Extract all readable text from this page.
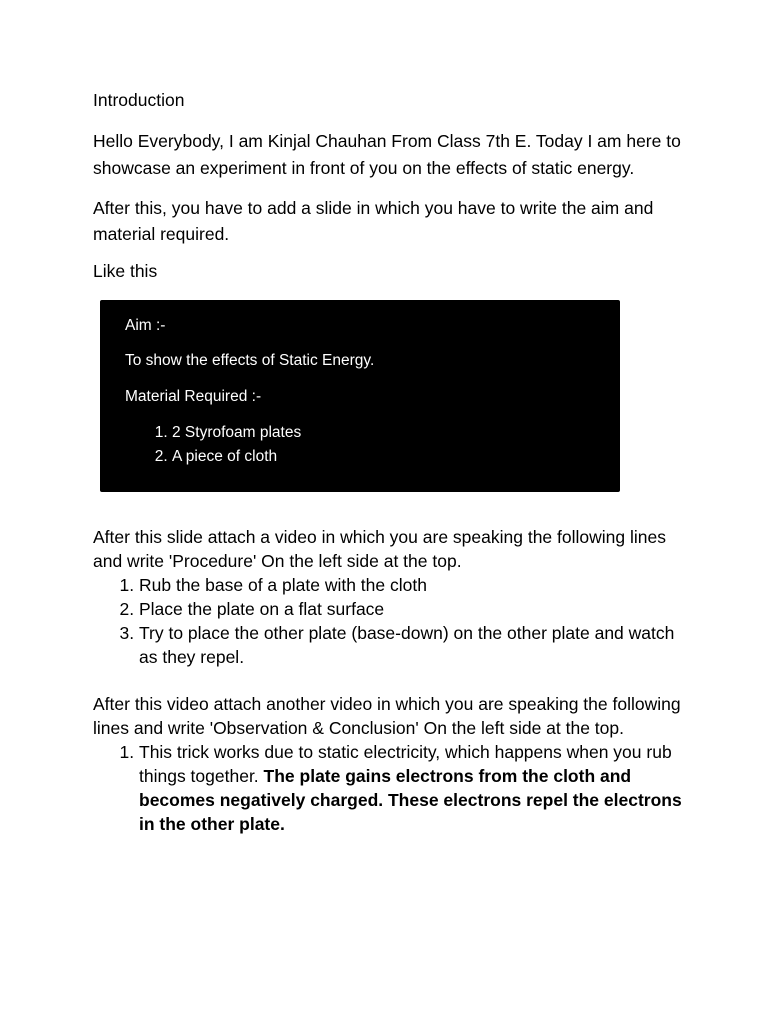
Introduction

Hello Everybody, I am Kinjal Chauhan From Class 7th E. Today I am here to showcase an experiment in front of you on the effects of static energy.

After this, you have to add a slide in which you have to write the aim and material required.

Like this

Aim :-

To show the effects of Static Energy.

Material Required :-

1. 2 Styrofoam plates
2. A piece of cloth

After this slide attach a video in which you are speaking the following lines and write 'Procedure' On the left side at the top.

1. Rub the base of a plate with the cloth
2. Place the plate on a flat surface
3. Try to place the other plate (base-down) on the other plate and watch as they repel.

After this video attach another video in which you are speaking the following lines and write 'Observation & Conclusion' On the left side at the top.

1. This trick works due to static electricity, which happens when you rub things together. The plate gains electrons from the cloth and becomes negatively charged. These electrons repel the electrons in the other plate.
